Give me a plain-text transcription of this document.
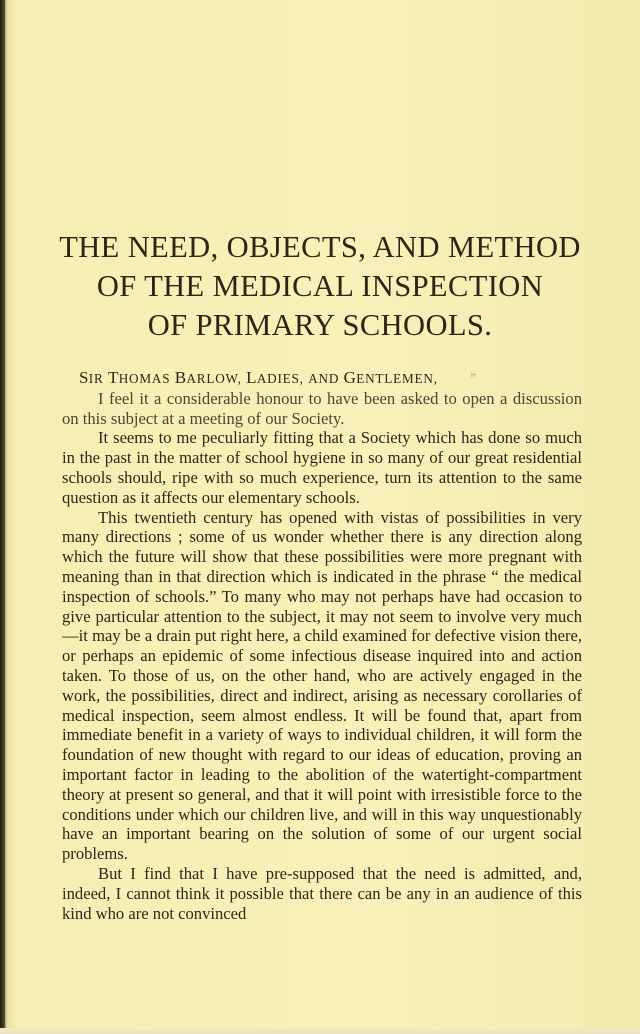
THE NEED, OBJECTS, AND METHOD
OF THE MEDICAL INSPECTION
OF PRIMARY SCHOOLS.
SIR THOMAS BARLOW, LADIES, AND GENTLEMEN, ”

I feel it a considerable honour to have been asked to open a discussion on this subject at a meeting of our Society.

It seems to me peculiarly fitting that a Society which has done so much in the past in the matter of school hygiene in so many of our great residential schools should, ripe with so much experience, turn its attention to the same question as it affects our elementary schools.

This twentieth century has opened with vistas of possibilities in very many directions ; some of us wonder whether there is any direction along which the future will show that these possibilities were more pregnant with meaning than in that direction which is indicated in the phrase “ the medical inspection of schools.” To many who may not perhaps have had occasion to give particular attention to the subject, it may not seem to involve very much—it may be a drain put right here, a child examined for defective vision there, or perhaps an epidemic of some infectious disease inquired into and action taken. To those of us, on the other hand, who are actively engaged in the work, the possibilities, direct and indirect, arising as necessary corollaries of medical inspection, seem almost endless. It will be found that, apart from immediate benefit in a variety of ways to individual children, it will form the foundation of new thought with regard to our ideas of education, proving an important factor in leading to the abolition of the watertight-compartment theory at present so general, and that it will point with irresistible force to the conditions under which our children live, and will in this way unquestionably have an important bearing on the solution of some of our urgent social problems.

But I find that I have pre-supposed that the need is admitted, and, indeed, I cannot think it possible that there can be any in an audience of this kind who are not convinced
